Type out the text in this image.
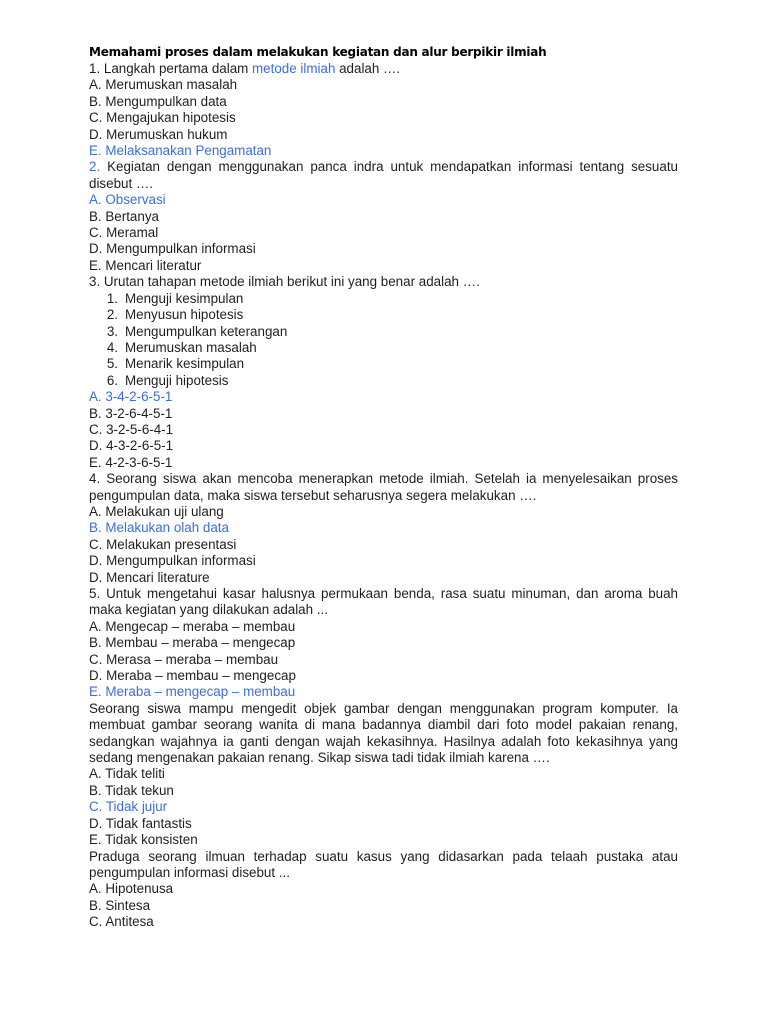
Memahami proses dalam melakukan kegiatan dan alur berpikir ilmiah
1. Langkah pertama dalam metode ilmiah adalah ….
A. Merumuskan masalah
B. Mengumpulkan data
C. Mengajukan hipotesis
D. Merumuskan hukum
E. Melaksanakan Pengamatan
2. Kegiatan dengan menggunakan panca indra untuk mendapatkan informasi tentang sesuatu disebut ….
A. Observasi
B. Bertanya
C. Meramal
D. Mengumpulkan informasi
E. Mencari literatur
3. Urutan tahapan metode ilmiah berikut ini yang benar adalah ….
1. Menguji kesimpulan
2. Menyusun hipotesis
3. Mengumpulkan keterangan
4. Merumuskan masalah
5. Menarik kesimpulan
6. Menguji hipotesis
A. 3-4-2-6-5-1
B. 3-2-6-4-5-1
C. 3-2-5-6-4-1
D. 4-3-2-6-5-1
E. 4-2-3-6-5-1
4. Seorang siswa akan mencoba menerapkan metode ilmiah. Setelah ia menyelesaikan proses pengumpulan data, maka siswa tersebut seharusnya segera melakukan ….
A. Melakukan uji ulang
B. Melakukan olah data
C. Melakukan presentasi
D. Mengumpulkan informasi
D. Mencari literature
5. Untuk mengetahui kasar halusnya permukaan benda, rasa suatu minuman, dan aroma buah maka kegiatan yang dilakukan adalah ...
A. Mengecap – meraba – membau
B. Membau – meraba – mengecap
C. Merasa – meraba – membau
D. Meraba – membau – mengecap
E. Meraba – mengecap – membau
Seorang siswa mampu mengedit objek gambar dengan menggunakan program komputer. Ia membuat gambar seorang wanita di mana badannya diambil dari foto model pakaian renang, sedangkan wajahnya ia ganti dengan wajah kekasihnya. Hasilnya adalah foto kekasihnya yang sedang mengenakan pakaian renang. Sikap siswa tadi tidak ilmiah karena ….
A. Tidak teliti
B. Tidak tekun
C. Tidak jujur
D. Tidak fantastis
E. Tidak konsisten
Praduga seorang ilmuan terhadap suatu kasus yang didasarkan pada telaah pustaka atau pengumpulan informasi disebut ...
A. Hipotenusa
B. Sintesa
C. Antitesa
